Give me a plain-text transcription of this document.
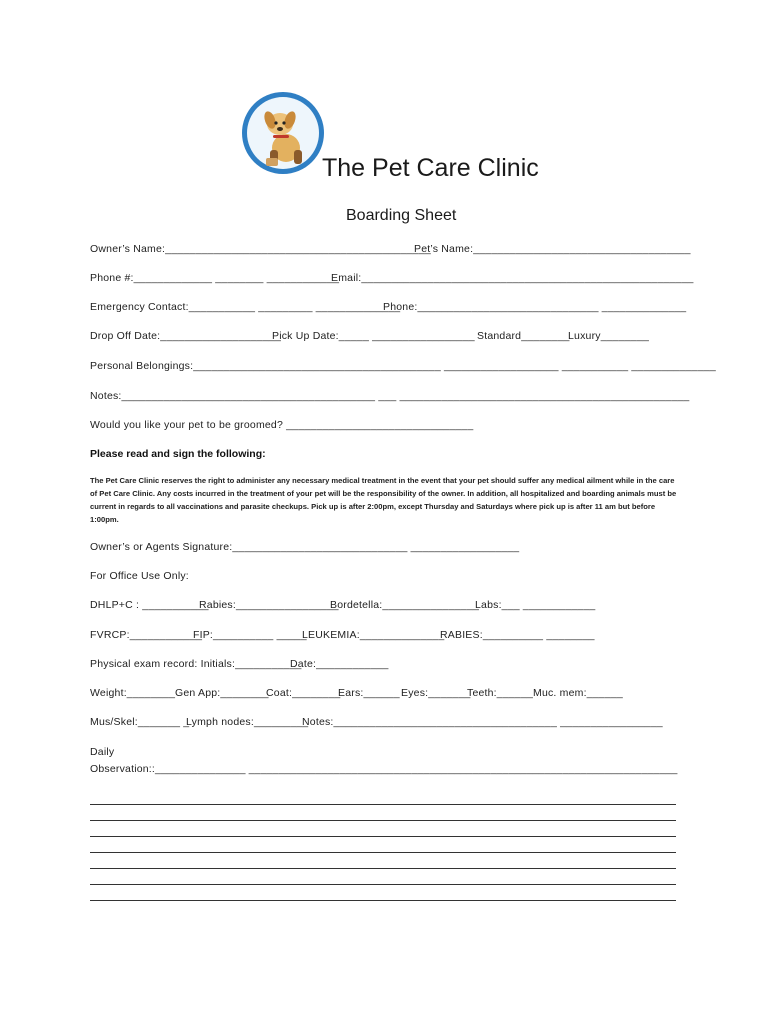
The Pet Care Clinic
Boarding Sheet
Owner’s Name:____________________________________________
Pet’s Name:____________________________________
Phone #:_____________ ________ ____________
Email:_______________________________________________________
Emergency Contact:___________ _________ ______________
Phone:______________________________ ______________
Drop Off Date:____________________
Pick Up Date:_____ _________________ Standard________
Luxury________
Personal Belongings:_________________________________________ ___________________ ___________ ______________
Notes:__________________________________________ ___ ________________________________________________
Would you like your pet to be groomed? _______________________________
Please read and sign the following:
The Pet Care Clinic reserves the right to administer any necessary medical treatment in the event that your pet should suffer any medical ailment while in the care of Pet Care Clinic. Any costs incurred in the treatment of your pet will be the responsibility of the owner. In addition, all hospitalized and boarding animals must be current in regards to all vaccinations and parasite checkups. Pick up is after 2:00pm, except Thursday and Saturdays where pick up is after 11 am but before 1:00pm.
Owner’s or Agents Signature:_____________________________ __________________
For Office Use Only:
DHLP+C : ___________
Rabies:_________________
Bordetella:________________
Labs:___ ____________
FVRCP:____________
FIP:__________ _____
LEUKEMIA:______________
RABIES:__________ ________
Physical exam record: Initials:___________
Date:____________
Weight:________ Gen App:________
Coat:________
Ears:______ Eyes:_______
Teeth:______ Muc. mem:______
Mus/Skel:_______ _
Lymph nodes:_________
Notes:_____________________________________ _________________
Daily
Observation::_______________ _______________________________________________________________________
